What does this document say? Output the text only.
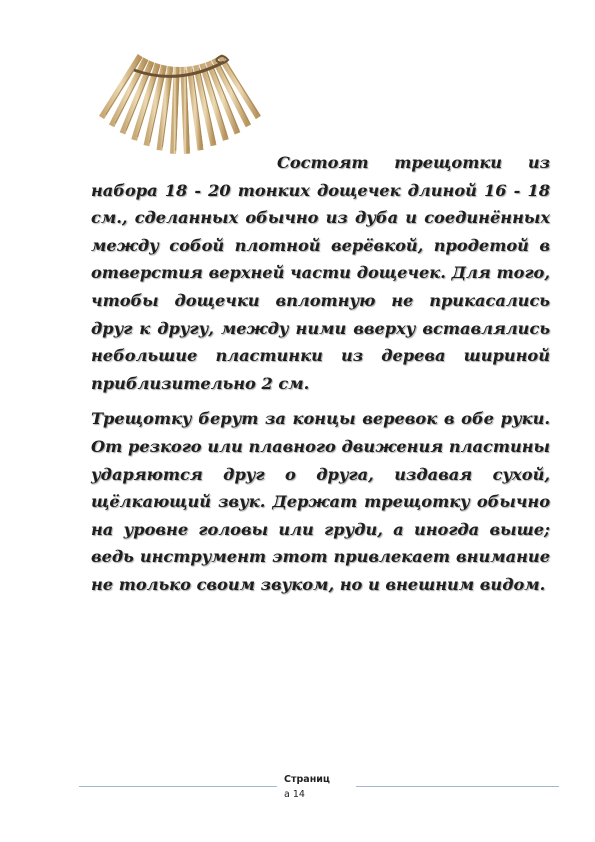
Состоят трещотки из набора 18 - 20 тонких дощечек длиной 16 - 18 см., сделанных обычно из дуба и соединённых между собой плотной верёвкой, продетой в отверстия верхней части дощечек. Для того, чтобы дощечки вплотную не прикасались друг к другу, между ними вверху вставлялись небольшие пластинки из дерева шириной приблизительно 2 см.

Трещотку берут за концы веревок в обе руки. От резкого или плавного движения пластины ударяются друг о друга, издавая сухой, щёлкающий звук. Держат трещотку обычно на уровне головы или груди, а иногда выше; ведь инструмент этот привлекает внимание не только своим звуком, но и внешним видом.

Страниц
а 14
